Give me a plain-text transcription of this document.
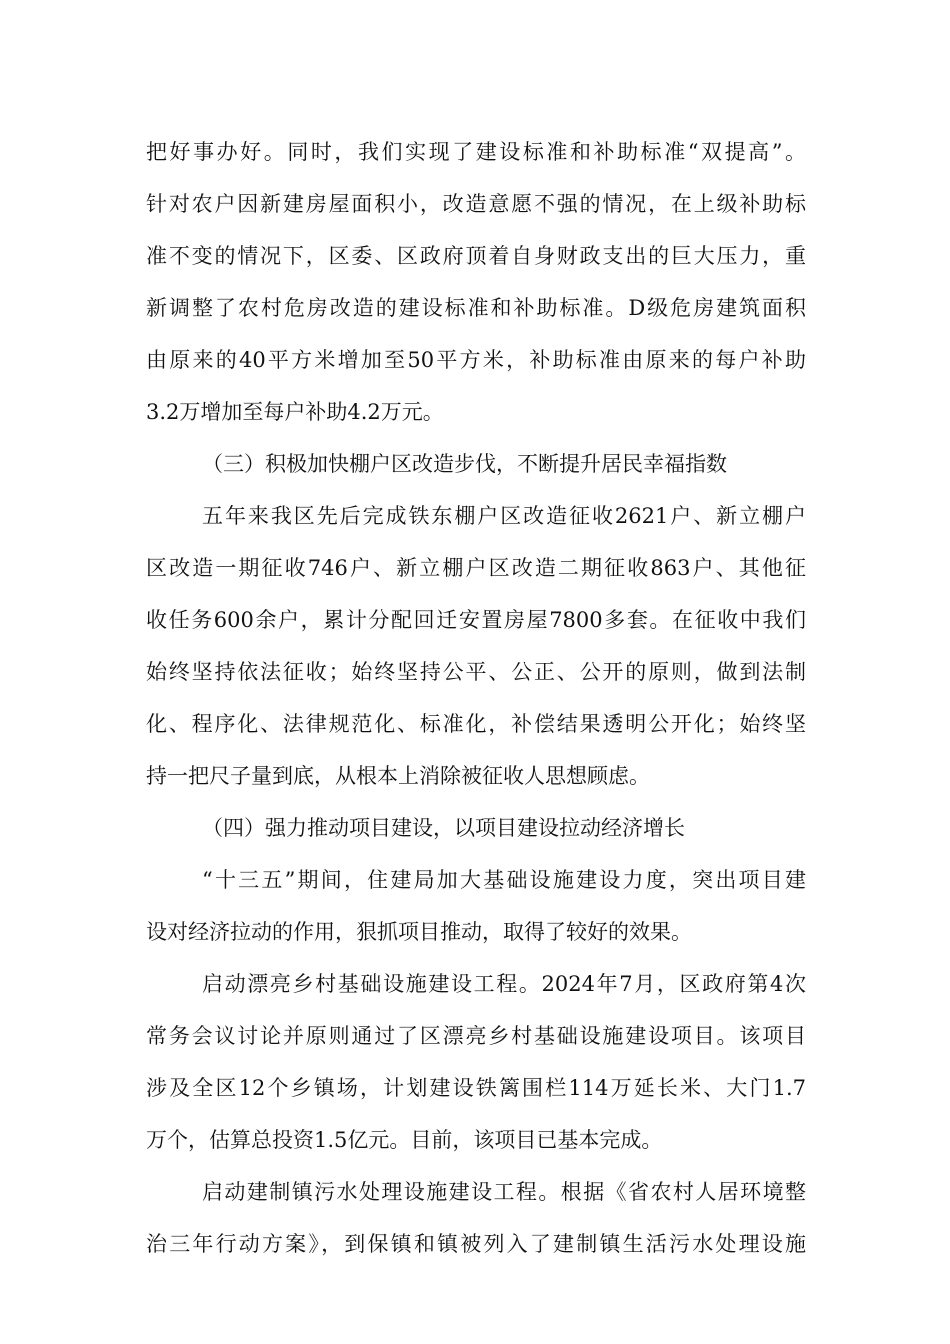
把好事办好。同时，我们实现了建设标准和补助标准“双提高”。
针对农户因新建房屋面积小，改造意愿不强的情况，在上级补助标
准不变的情况下，区委、区政府顶着自身财政支出的巨大压力，重
新调整了农村危房改造的建设标准和补助标准。D级危房建筑面积
由原来的40平方米增加至50平方米，补助标准由原来的每户补助
3.2万增加至每户补助4.2万元。
（三）积极加快棚户区改造步伐，不断提升居民幸福指数
五年来我区先后完成铁东棚户区改造征收2621户、新立棚户
区改造一期征收746户、新立棚户区改造二期征收863户、其他征
收任务600余户，累计分配回迁安置房屋7800多套。在征收中我们
始终坚持依法征收；始终坚持公平、公正、公开的原则，做到法制
化、程序化、法律规范化、标准化，补偿结果透明公开化；始终坚
持一把尺子量到底，从根本上消除被征收人思想顾虑。
（四）强力推动项目建设，以项目建设拉动经济增长
“十三五”期间，住建局加大基础设施建设力度，突出项目建
设对经济拉动的作用，狠抓项目推动，取得了较好的效果。
启动漂亮乡村基础设施建设工程。2024年7月，区政府第4次
常务会议讨论并原则通过了区漂亮乡村基础设施建设项目。该项目
涉及全区12个乡镇场，计划建设铁篱围栏114万延长米、大门1.7
万个，估算总投资1.5亿元。目前，该项目已基本完成。
启动建制镇污水处理设施建设工程。根据《省农村人居环境整
治三年行动方案》，到保镇和镇被列入了建制镇生活污水处理设施
